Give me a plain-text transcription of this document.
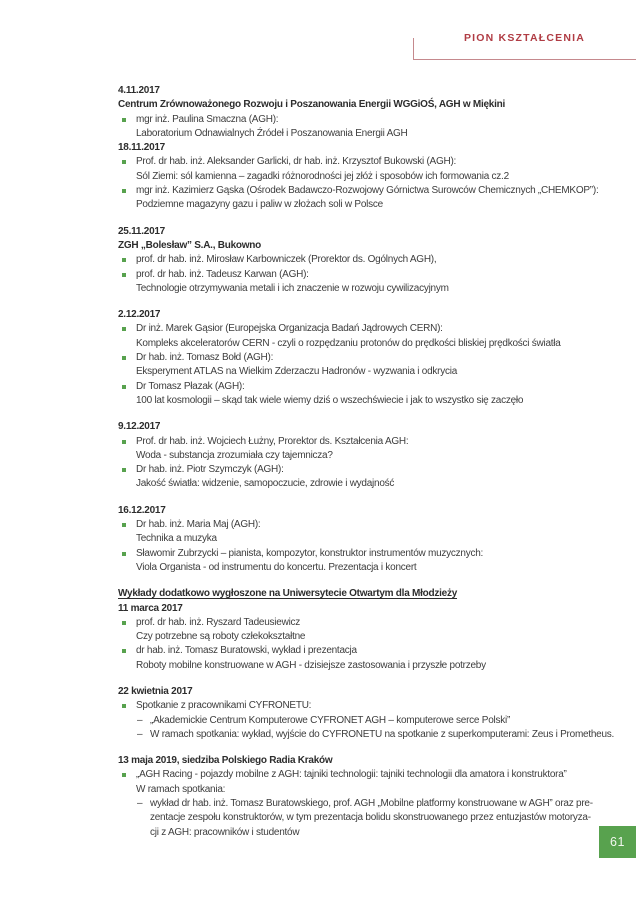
PION KSZTAŁCENIA
4.11.2017
Centrum Zrównoważonego Rozwoju i Poszanowania Energii WGGiOŚ, AGH w Miękini
mgr inż. Paulina Smaczna (AGH):
Laboratorium Odnawialnych Źródeł i Poszanowania Energii AGH
18.11.2017
Prof. dr hab. inż. Aleksander Garlicki, dr hab. inż. Krzysztof Bukowski (AGH):
Sól Ziemi: sól kamienna – zagadki różnorodności jej złóż i sposobów ich formowania cz.2
mgr inż. Kazimierz Gąska (Ośrodek Badawczo-Rozwojowy Górnictwa Surowców Chemicznych „CHEMKOP”):
Podziemne magazyny gazu i paliw w złożach soli w Polsce
25.11.2017
ZGH „Bolesław” S.A., Bukowno
prof. dr hab. inż. Mirosław Karbowniczek (Prorektor ds. Ogólnych AGH),
prof. dr hab. inż. Tadeusz Karwan (AGH):
Technologie otrzymywania metali i ich znaczenie w rozwoju cywilizacyjnym
2.12.2017
Dr inż. Marek Gąsior (Europejska Organizacja Badań Jądrowych CERN):
Kompleks akceleratorów CERN - czyli o rozpędzaniu protonów do prędkości bliskiej prędkości światła
Dr hab. inż. Tomasz Bołd (AGH):
Eksperyment ATLAS na Wielkim Zderzaczu Hadronów - wyzwania i odkrycia
Dr Tomasz Płazak (AGH):
100 lat kosmologii – skąd tak wiele wiemy dziś o wszechświecie i jak to wszystko się zaczęło
9.12.2017
Prof. dr hab. inż. Wojciech Łużny, Prorektor ds. Kształcenia AGH:
Woda - substancja zrozumiała czy tajemnicza?
Dr hab. inż. Piotr Szymczyk (AGH):
Jakość światła: widzenie, samopoczucie, zdrowie i wydajność
16.12.2017
Dr hab. inż. Maria Maj (AGH):
Technika a muzyka
Sławomir Zubrzycki – pianista, kompozytor, konstruktor instrumentów muzycznych:
Viola Organista - od instrumentu do koncertu. Prezentacja i koncert
Wykłady dodatkowo wygłoszone na Uniwersytecie Otwartym dla Młodzieży
11 marca 2017
prof. dr hab. inż. Ryszard Tadeusiewicz
Czy potrzebne są roboty człekokształtne
dr hab. inż. Tomasz Buratowski, wykład i prezentacja
Roboty mobilne konstruowane w AGH - dzisiejsze zastosowania i przyszłe potrzeby
22 kwietnia 2017
Spotkanie z pracownikami CYFRONETU:
– „Akademickie Centrum Komputerowe CYFRONET AGH – komputerowe serce Polski”
– W ramach spotkania: wykład, wyjście do CYFRONETU na spotkanie z superkomputerami: Zeus i Prometheus.
13 maja 2019, siedziba Polskiego Radia Kraków
„AGH Racing - pojazdy mobilne z AGH: tajniki technologii: tajniki technologii dla amatora i konstruktora”
W ramach spotkania:
– wykład dr hab. inż. Tomasz Buratowskiego, prof. AGH „Mobilne platformy konstruowane w AGH” oraz pre-
zentacje zespołu konstruktorów, w tym prezentacja bolidu skonstruowanego przez entuzjastów motoryza-
cji z AGH: pracowników i studentów
61
